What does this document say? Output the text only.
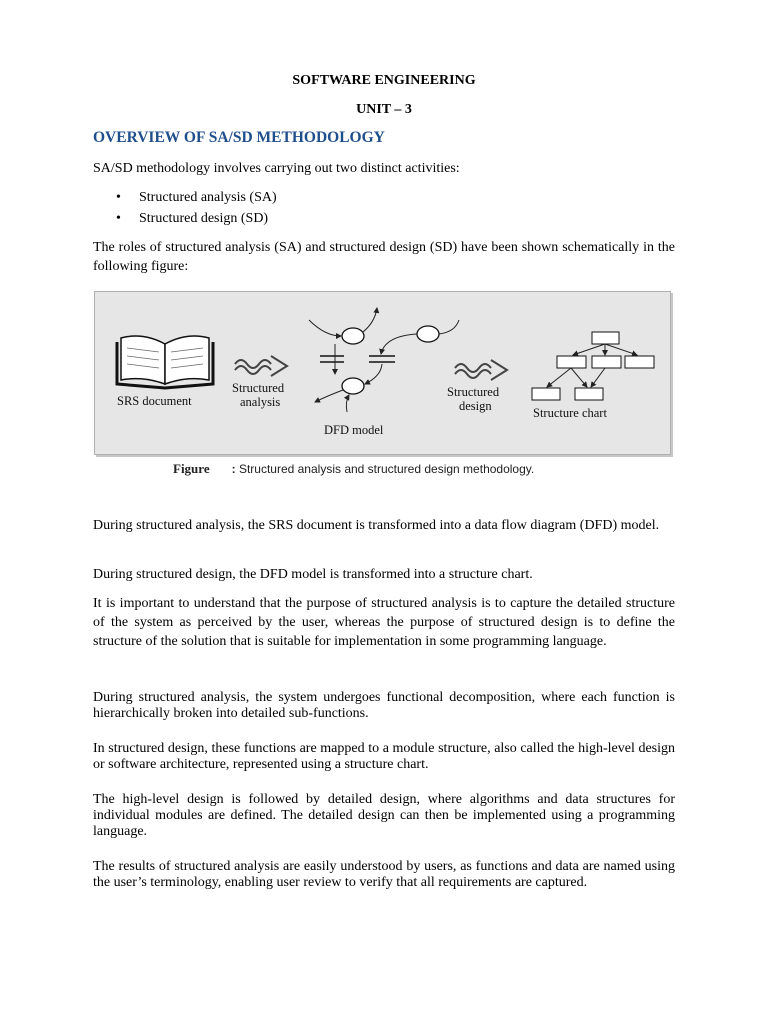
SOFTWARE ENGINEERING
UNIT – 3
OVERVIEW OF SA/SD METHODOLOGY
SA/SD methodology involves carrying out two distinct activities:
• Structured analysis (SA)
• Structured design (SD)
The roles of structured analysis (SA) and structured design (SD) have been shown schematically in the following figure:
SRS document
Structured
analysis
DFD model
Structured
design	Structure chart
Figure : Structured analysis and structured design methodology.
During structured analysis, the SRS document is transformed into a data flow diagram (DFD) model.
During structured design, the DFD model is transformed into a structure chart.
It is important to understand that the purpose of structured analysis is to capture the detailed structure of the system as perceived by the user, whereas the purpose of structured design is to define the structure of the solution that is suitable for implementation in some programming language.
During structured analysis, the system undergoes functional decomposition, where each function is hierarchically broken into detailed sub-functions.
In structured design, these functions are mapped to a module structure, also called the high-level design or software architecture, represented using a structure chart.
The high-level design is followed by detailed design, where algorithms and data structures for individual modules are defined. The detailed design can then be implemented using a programming language.
The results of structured analysis are easily understood by users, as functions and data are named using the user’s terminology, enabling user review to verify that all requirements are captured.
